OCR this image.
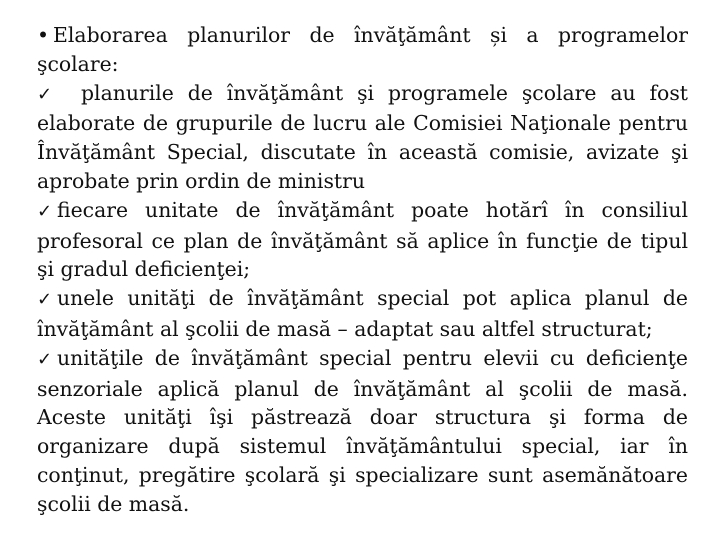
• Elaborarea planurilor de învăţământ și a programelor şcolare:

✓ planurile de învăţământ şi programele şcolare au fost elaborate de grupurile de lucru ale Comisiei Naţionale pentru Învăţământ Special, discutate în această comisie, avizate şi aprobate prin ordin de ministru

✓ fiecare unitate de învăţământ poate hotărî în consiliul profesoral ce plan de învăţământ să aplice în funcţie de tipul şi gradul deficienţei;

✓ unele unităţi de învăţământ special pot aplica planul de învăţământ al şcolii de masă – adaptat sau altfel structurat;

✓ unităţile de învăţământ special pentru elevii cu deficienţe senzoriale aplică planul de învăţământ al şcolii de masă. Aceste unităţi îşi păstrează doar structura şi forma de organizare după sistemul învăţământului special, iar în conţinut, pregătire şcolară şi specializare sunt asemănătoare şcolii de masă.
